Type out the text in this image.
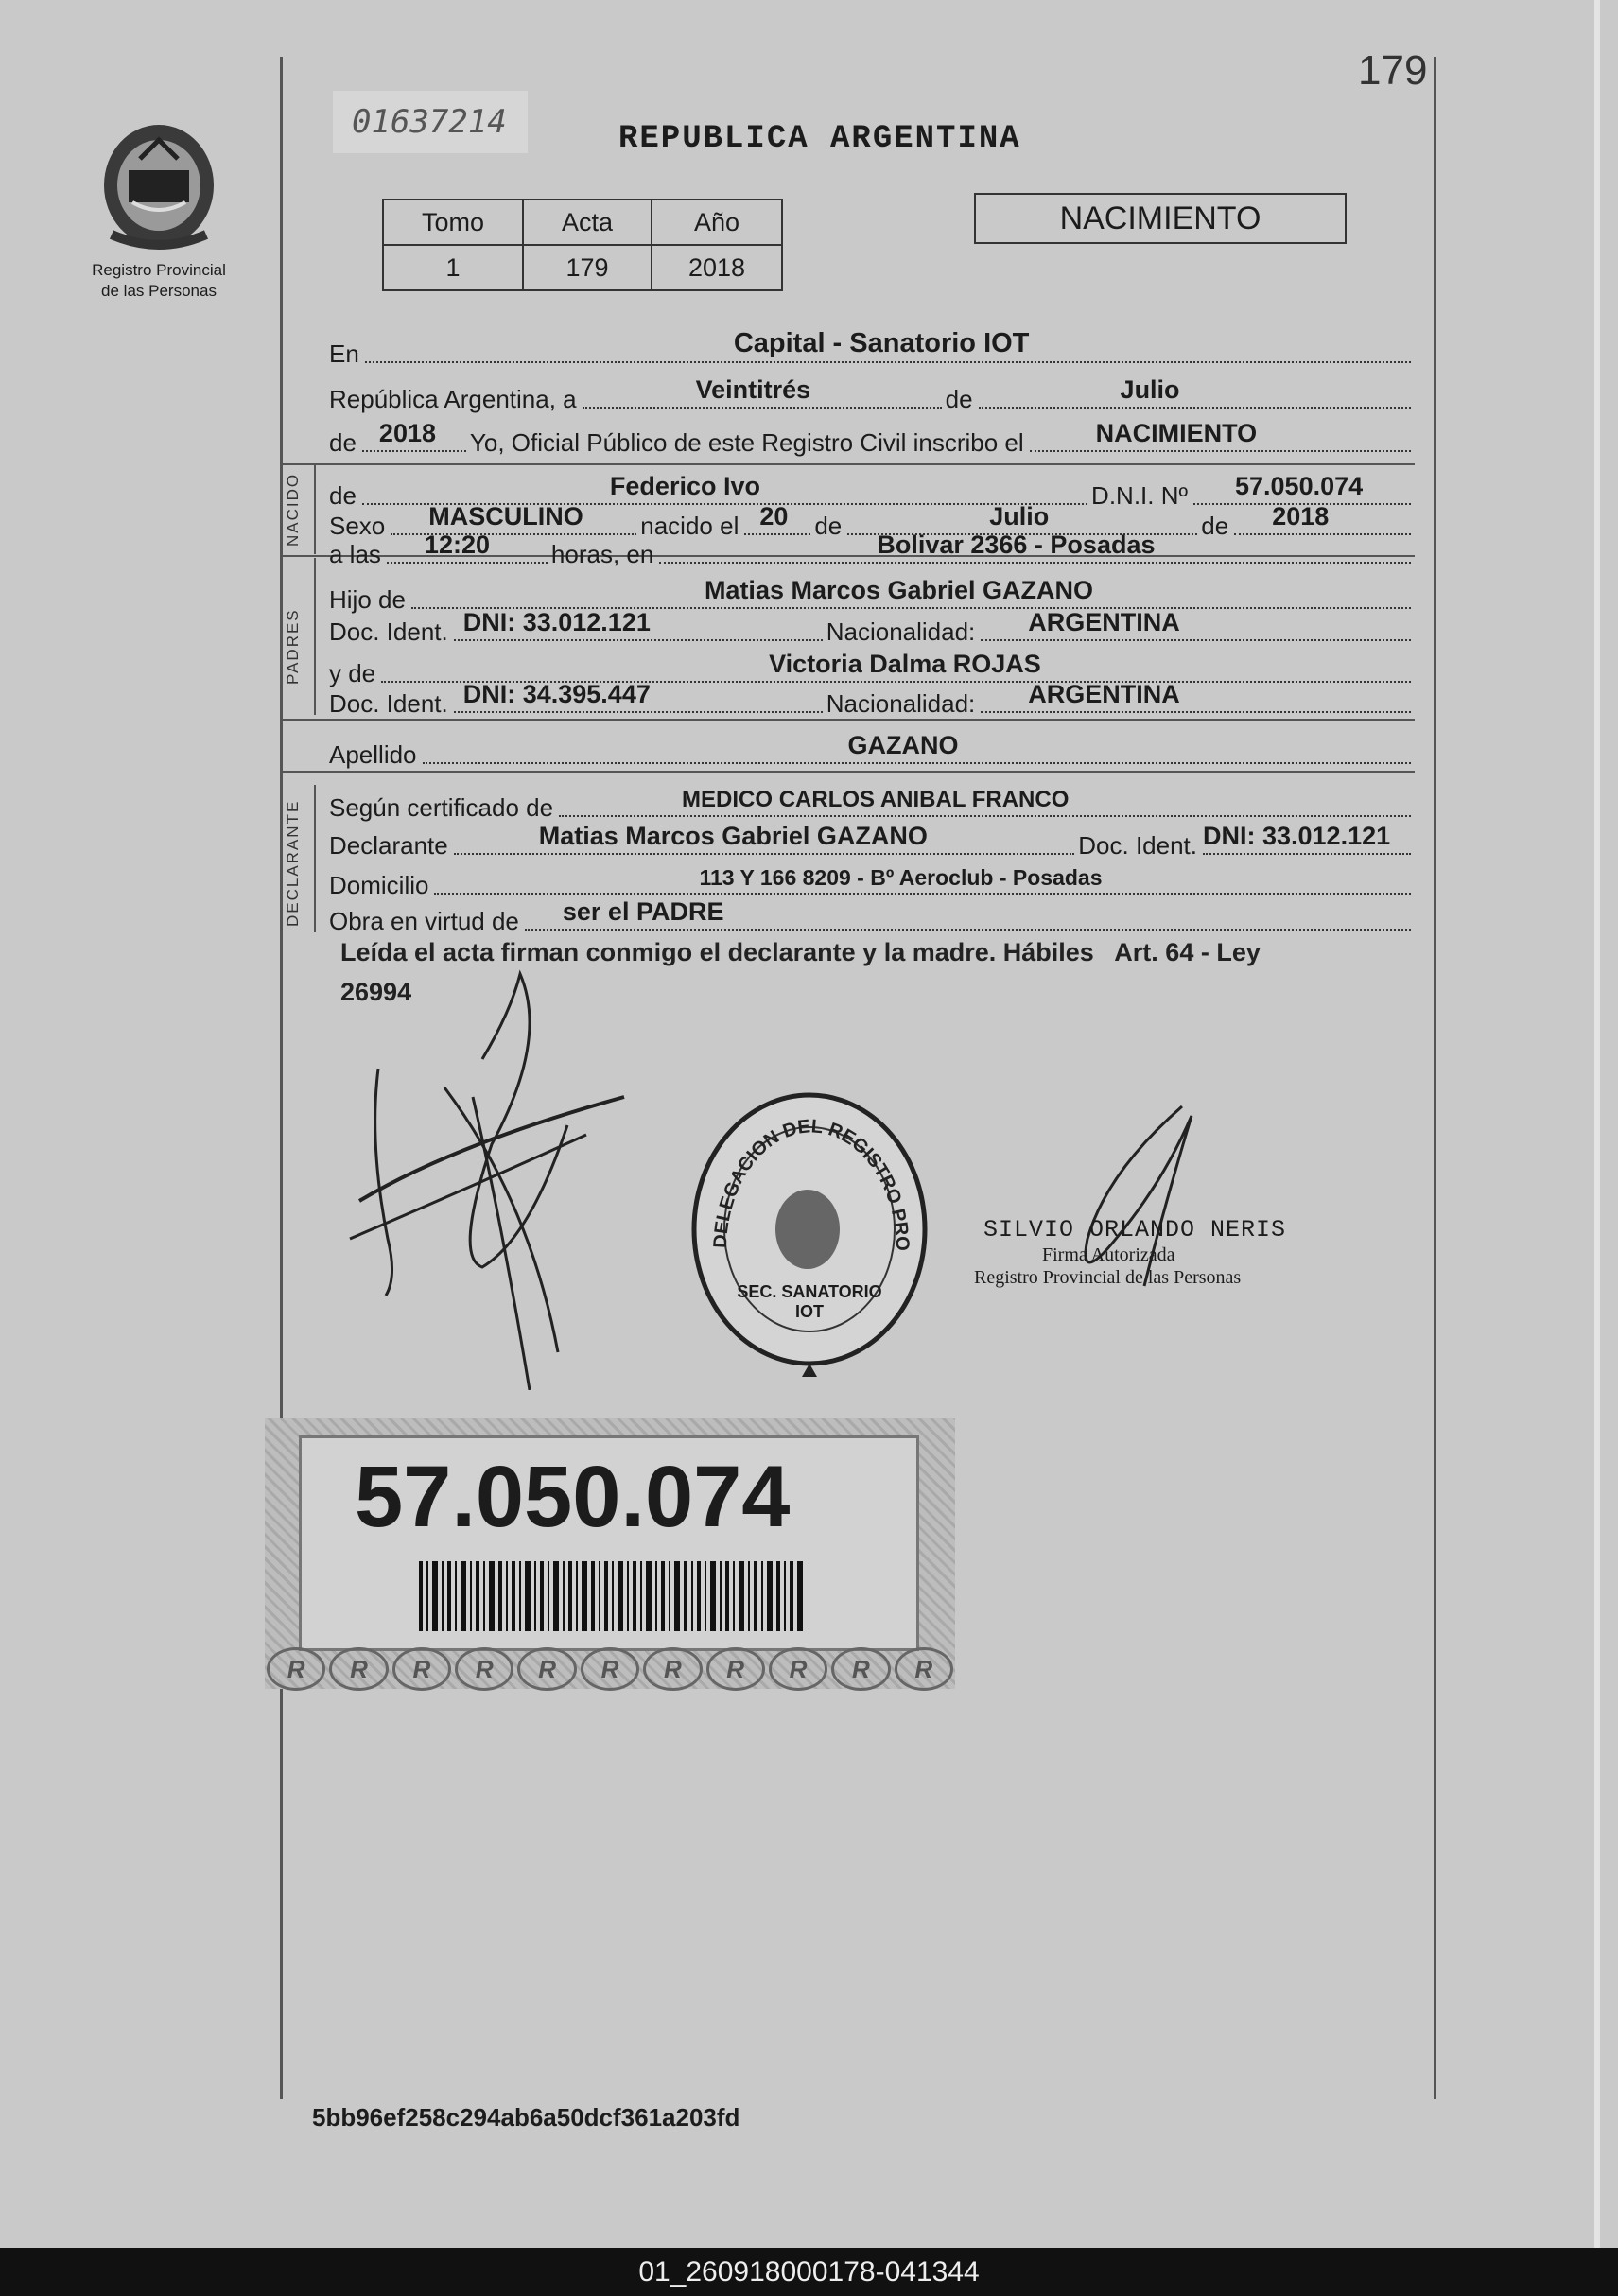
179
Registro Provincial
de las Personas
01637214	REPUBLICA ARGENTINA
Tomo	Acta	Año
1	179	2018
NACIMIENTO
En	Capital - Sanatorio IOT
República Argentina, a	Veintitrés	de	Julio
de 2018 Yo, Oficial Público de este Registro Civil inscribo el	NACIMIENTO
NACIDO
PADRES
DECLARANTE
de	Federico Ivo	D.N.I. Nº 57.050.074
Sexo MASCULINO nacido el 20 de	Julio	de 2018
a las 12:20 horas, en	Bolivar 2366 - Posadas
Hijo de	Matias Marcos Gabriel GAZANO
Doc. Ident. DNI: 33.012.121	Nacionalidad: ARGENTINA
y de	Victoria Dalma ROJAS
Doc. Ident. DNI: 34.395.447	Nacionalidad: ARGENTINA
Apellido	GAZANO
Según certificado de	MEDICO CARLOS ANIBAL FRANCO
Declarante	Matias Marcos Gabriel GAZANO	Doc. Ident. DNI: 33.012.121
Domicilio	113 Y 166 8209 - Bº Aeroclub - Posadas
Obra en virtud de ser el PADRE
Leída el acta firman conmigo el declarante y la madre. Hábiles   Art. 64 - Ley
26994
DELEGACION DEL REGISTRO PRO
SEC. SANATORIO IOT
SILVIO ORLANDO NERIS
Firma Autorizada
Registro Provincial de las Personas
57.050.074
R	R	R	R	R	R	R	R	R	R	R
5bb96ef258c294ab6a50dcf361a203fd
01_260918000178-041344
